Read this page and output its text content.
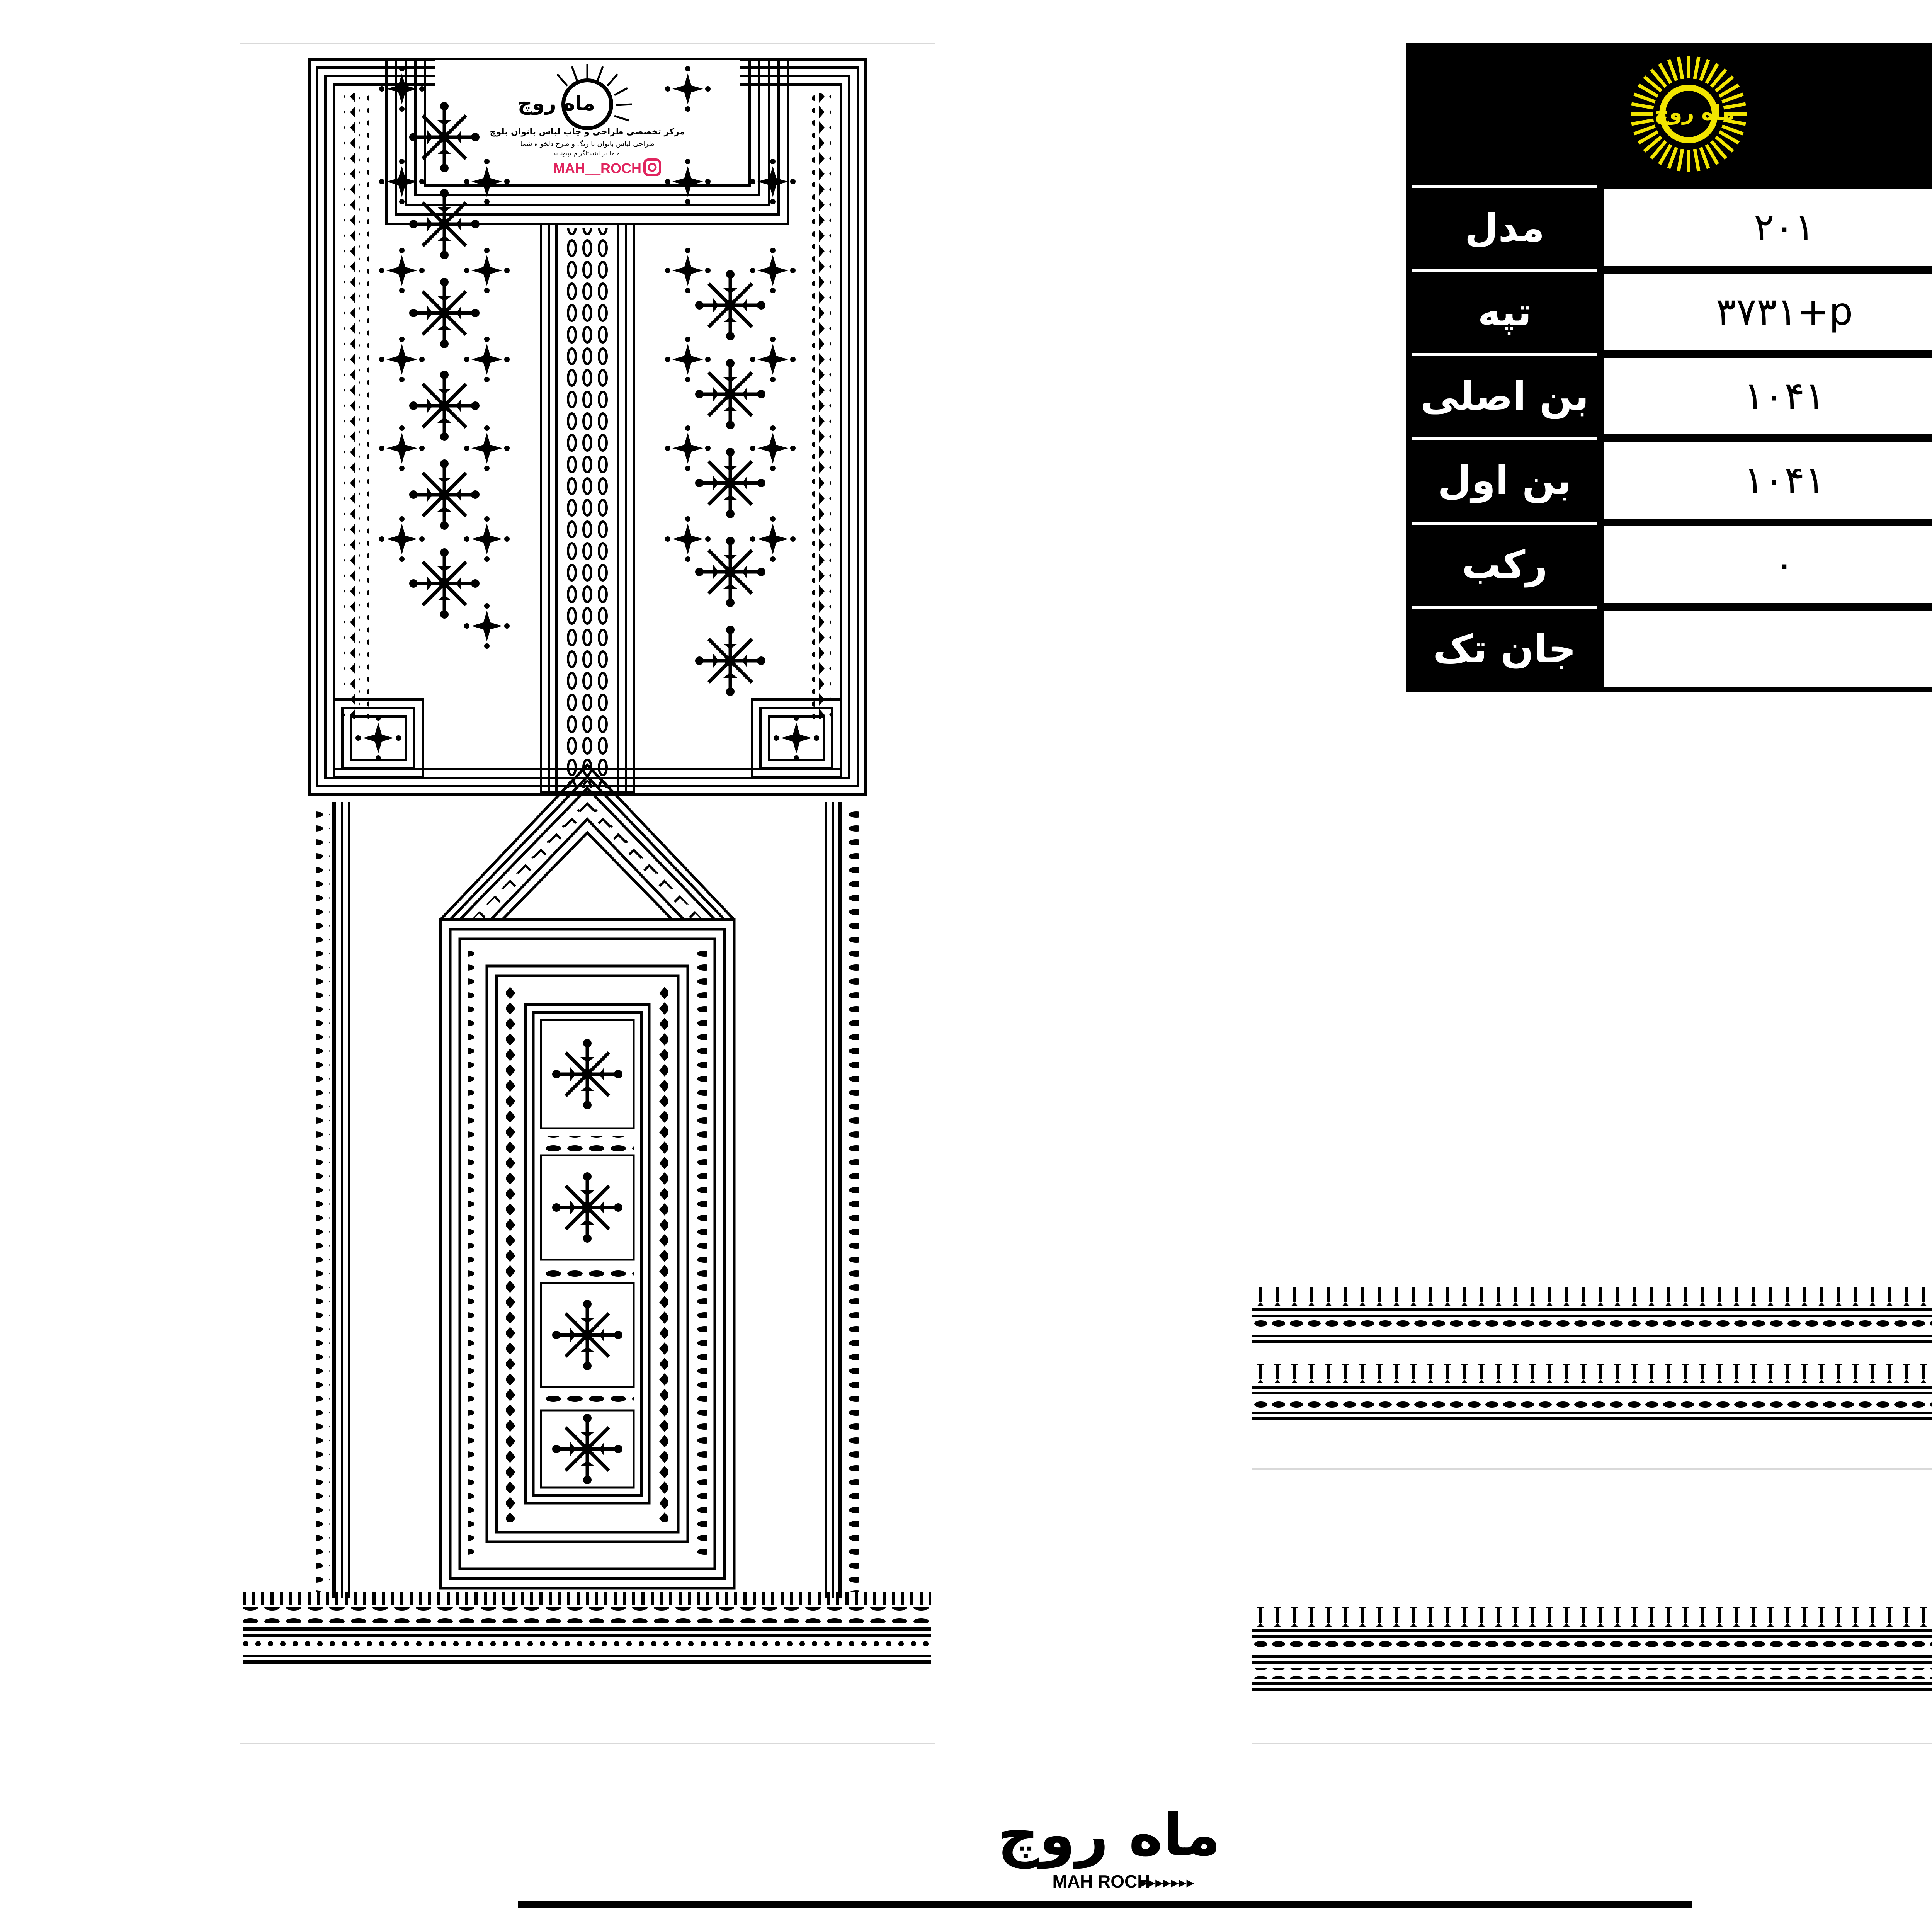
ماه روچ
مرکز تخصصی طراحی و چاپ لباس بانوان بلوچ
طراحی لباس بانوان با رنگ و طرح دلخواه شما
به ما در اینستاگرام بپیوندید
MAH__ROCH
ماه روچ
مدل	۲۰۱
تپه	۳۷۳۱+p
بن اصلی	۱۰۴۱
بن اول	۱۰۴۱
رکب	۰
جان تک
ماه روچ
MAH ROCH
▸▸▸▸▸▸▸
